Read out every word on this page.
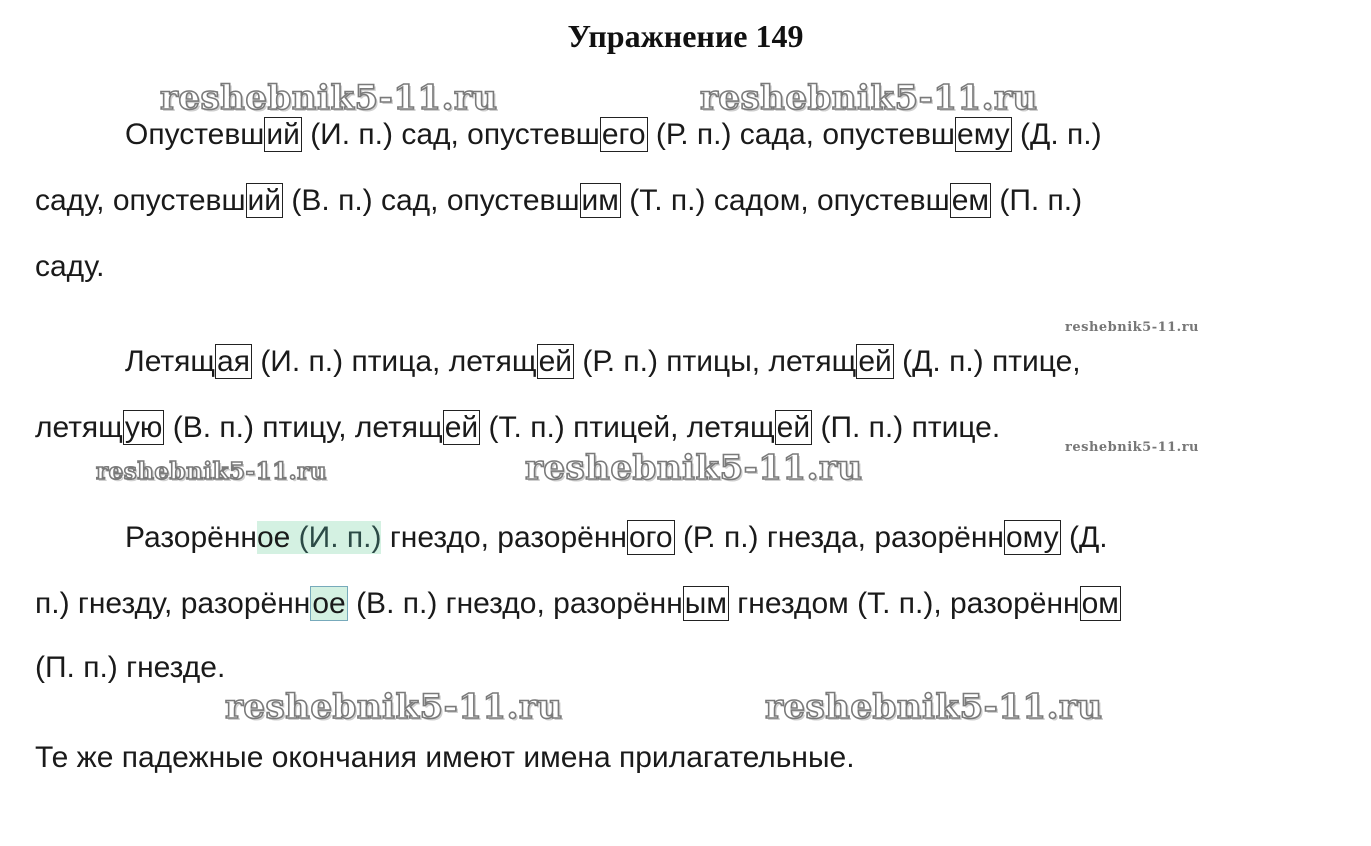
Упражнение 149
reshebnik5-11.ru	reshebnik5-11.ru
reshebnik5-11.ru
reshebnik5-11.ru
reshebnik5-11.ru	reshebnik5-11.ru
reshebnik5-11.ru	reshebnik5-11.ru
Опустевший (И. п.) сад, опустевшего (Р. п.) сада, опустевшему (Д. п.)
саду, опустевший (В. п.) сад, опустевшим (Т. п.) садом, опустевшем (П. п.)
саду.
Летящая (И. п.) птица, летящей (Р. п.) птицы, летящей (Д. п.) птице,
летящую (В. п.) птицу, летящей (Т. п.) птицей, летящей (П. п.) птице.
Разорённое (И. п.) гнездо, разорённого (Р. п.) гнезда, разорённому (Д.
п.) гнезду, разорённое (В. п.) гнездо, разорённым гнездом (Т. п.), разорённом
(П. п.) гнезде.
Те же падежные окончания имеют имена прилагательные.
